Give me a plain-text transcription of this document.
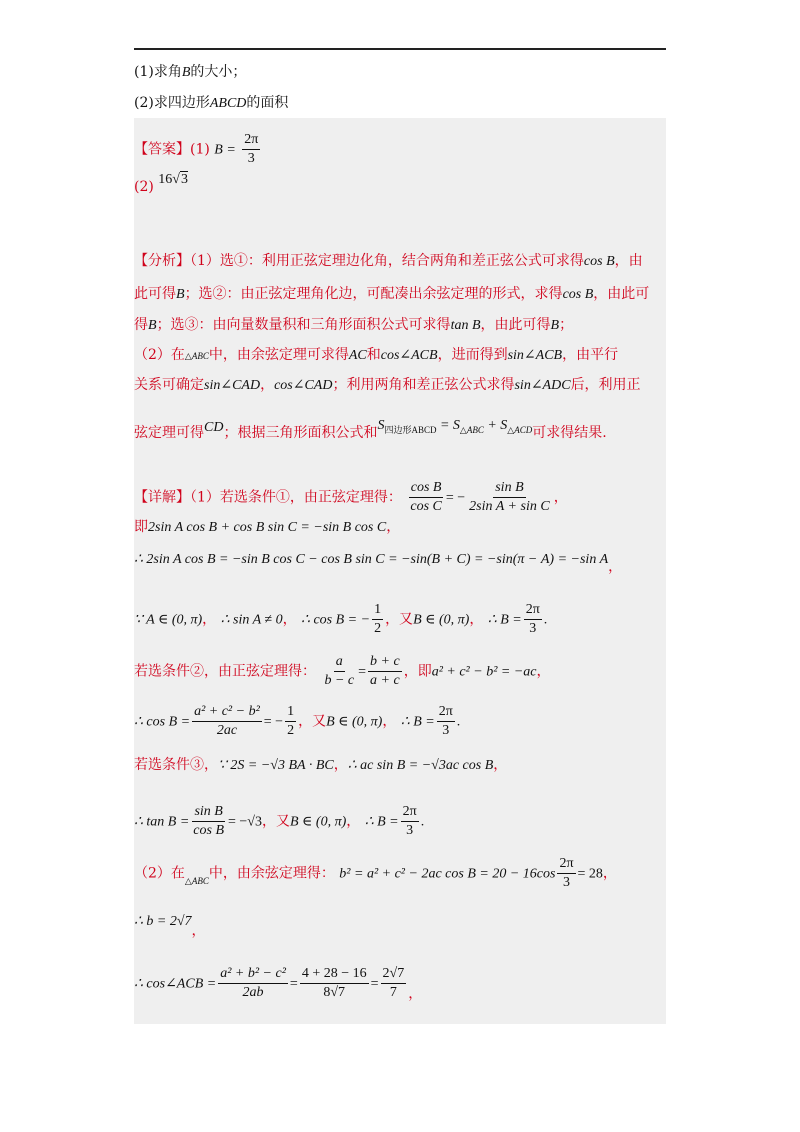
(1)求角B的大小；
(2)求四边形ABCD的面积
【答案】(1) $B = \frac{2\pi}{3}$
(2) 16√3
【分析】（1）选①：利用正弦定理边化角，结合两角和差正弦公式可求得cos B，由
此可得B；选②：由正弦定理角化边，可配凑出余弦定理的形式，求得cos B，由此可
得B；选③：由向量数量积和三角形面积公式可求得tan B，由此可得B；
（2）在△ABC中，由余弦定理可求得AC和cos∠ACB，进而得到sin∠ACB，由平行
关系可确定sin∠CAD，cos∠CAD；利用两角和差正弦公式求得sin∠ADC后，利用正
弦定理可得CD；根据三角形面积公式和$S_{四边形ABCD} = S_{\triangle ABC} + S_{\triangle ACD}$可求得结果.
【详解】（1）若选条件①，由正弦定理得： $\frac{\text{cos B}}{\text{cos C}}$ = − $\frac{\text{sin B}}{\text{2sin A + sin C}}$ ，
即2sin A cos B + cos B sin C = −sin B cos C，
∴ 2sin A cos B = −sin B cos C − cos B sin C = −sin(B + C) = −sin(π − A) = −sin A，
∵ A ∈ (0, π)， ∴ sin A ≠ 0， ∴ cos B = − $\frac{1}{2}$ ，又B ∈ (0, π)， ∴ $B = \frac{2\pi}{3}$ .
若选条件②，由正弦定理得： $\frac{a}{b - c} = \frac{b + c}{a + c}$ ，即a² + c² − b² = −ac，
∴ $\cos B = \frac{\text{a² + c² − b²}}{2ac}$ = − $\frac{1}{2}$ ，又B ∈ (0, π)， ∴ $B = \frac{2\pi}{3}$ .
若选条件③，∵ 2S = −√3 BA · BC，∴ ac sin B = −√3ac cos B，
∴ $\tan B = \frac{\text{sin B}}{\text{cos B}} = -√3$，又B ∈ (0, π)， ∴ $B = \frac{2\pi}{3}$ .
（2）在$_{\triangle ABC}$中，由余弦定理得： b² = a² + c² − 2ac $\cos B = 20 - 16\cos \frac{2\pi}{3} = 28$，
∴ b = 2√7，
∴ cos∠ACB = $\frac{\text{a² + b² − c²}}{2ab} = \frac{4 + 28 - 16}{8√7} = \frac{2√7}{7}$ ，
